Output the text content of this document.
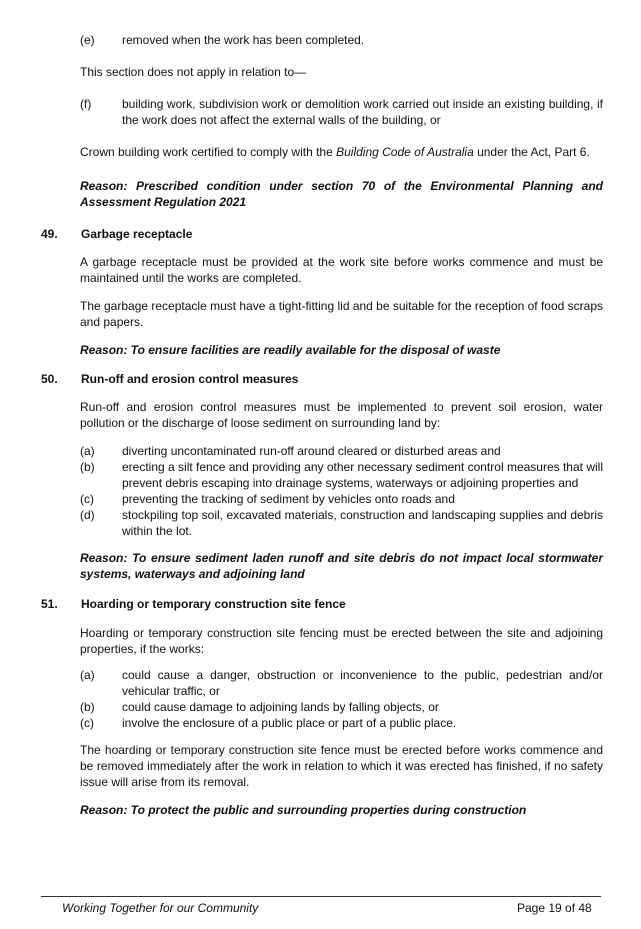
(e) removed when the work has been completed.
This section does not apply in relation to—
(f)	building work, subdivision work or demolition work carried out inside an existing building, if the work does not affect the external walls of the building, or
Crown building work certified to comply with the Building Code of Australia under the Act, Part 6.
Reason: Prescribed condition under section 70 of the Environmental Planning and Assessment Regulation 2021
49. Garbage receptacle
A garbage receptacle must be provided at the work site before works commence and must be maintained until the works are completed.
The garbage receptacle must have a tight-fitting lid and be suitable for the reception of food scraps and papers.
Reason: To ensure facilities are readily available for the disposal of waste
50. Run-off and erosion control measures
Run-off and erosion control measures must be implemented to prevent soil erosion, water pollution or the discharge of loose sediment on surrounding land by:
(a) diverting uncontaminated run-off around cleared or disturbed areas and
(b) erecting a silt fence and providing any other necessary sediment control measures that will prevent debris escaping into drainage systems, waterways or adjoining properties and
(c) preventing the tracking of sediment by vehicles onto roads and
(d) stockpiling top soil, excavated materials, construction and landscaping supplies and debris within the lot.
Reason: To ensure sediment laden runoff and site debris do not impact local stormwater systems, waterways and adjoining land
51. Hoarding or temporary construction site fence
Hoarding or temporary construction site fencing must be erected between the site and adjoining properties, if the works:
(a) could cause a danger, obstruction or inconvenience to the public, pedestrian and/or vehicular traffic, or
(b) could cause damage to adjoining lands by falling objects, or
(c) involve the enclosure of a public place or part of a public place.
The hoarding or temporary construction site fence must be erected before works commence and be removed immediately after the work in relation to which it was erected has finished, if no safety issue will arise from its removal.
Reason: To protect the public and surrounding properties during construction
Working Together for our Community	Page 19 of 48
